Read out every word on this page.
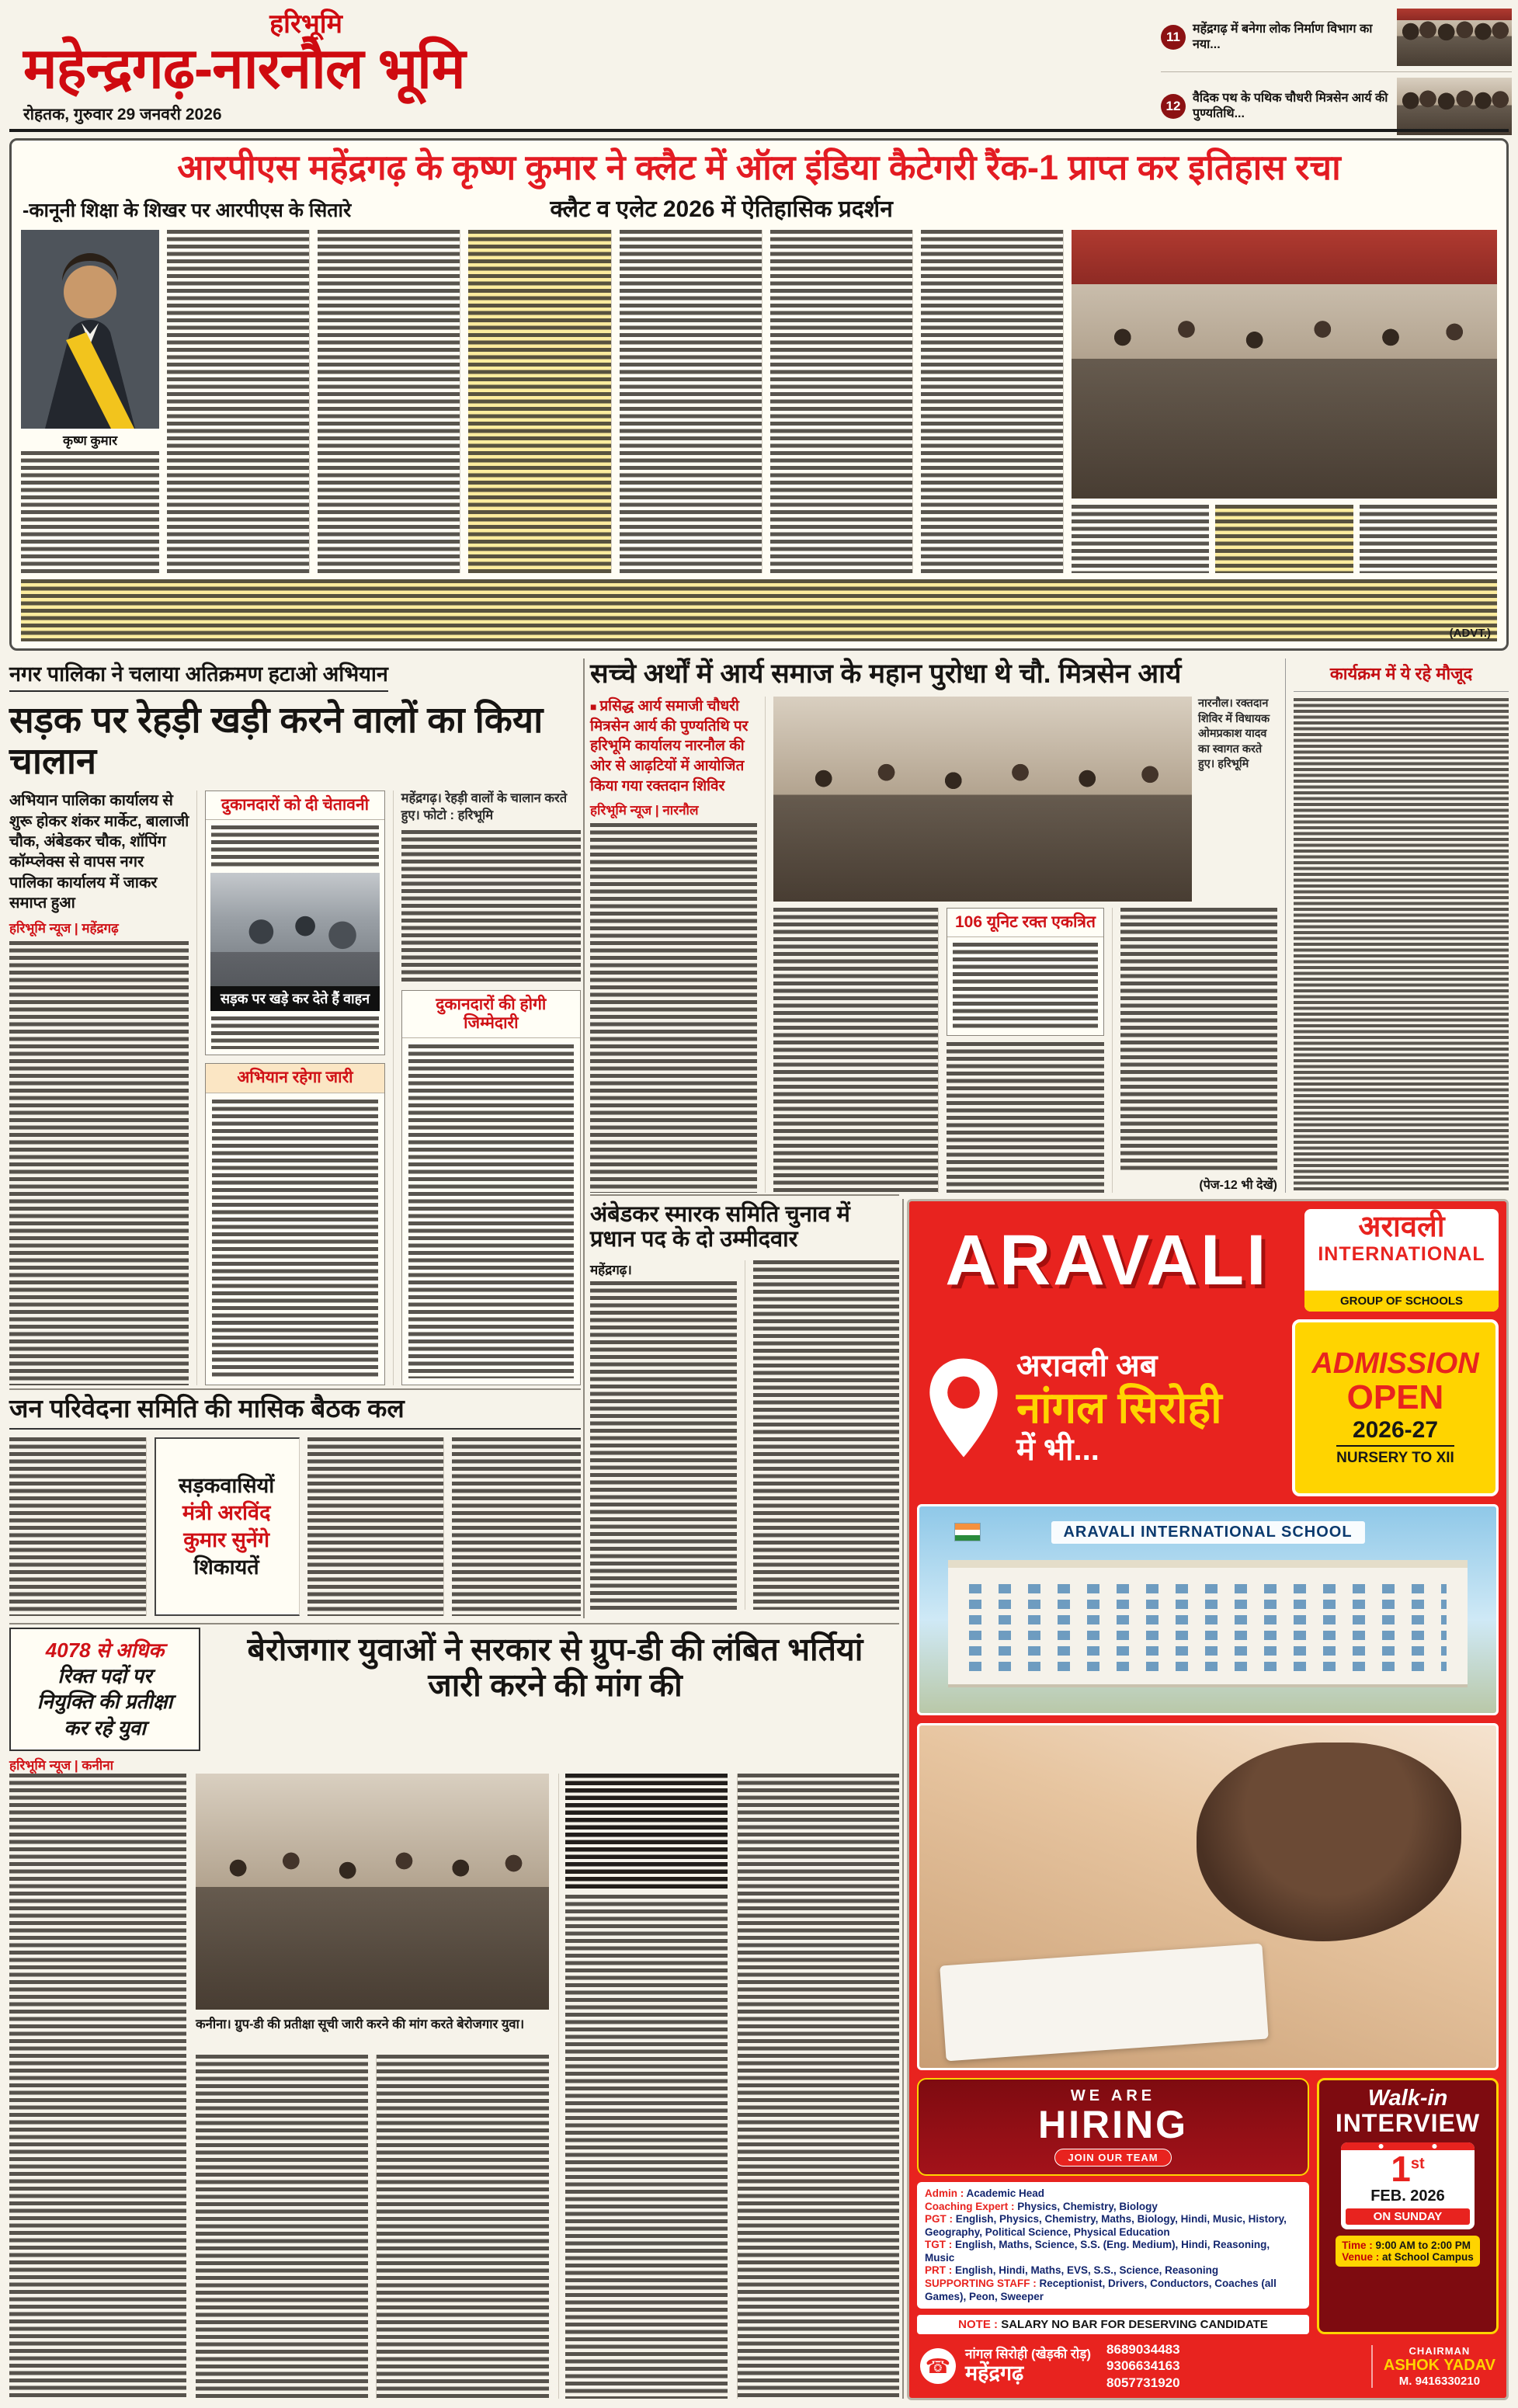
हरिभूमि
महेन्द्रगढ़-नारनौल भूमि
रोहतक, गुरुवार 29 जनवरी 2026
11
महेंद्रगढ़ में बनेगा लोक निर्माण विभाग का नया...
12
वैदिक पथ के पथिक चौधरी मित्रसेन आर्य की पुण्यतिथि...
आरपीएस महेंद्रगढ़ के कृष्ण कुमार ने क्लैट में ऑल इंडिया कैटेगरी रैंक-1 प्राप्त कर इतिहास रचा
-कानूनी शिक्षा के शिखर पर आरपीएस के सितारे	क्लैट व एलेट 2026 में ऐतिहासिक प्रदर्शन
कृष्ण कुमार
(ADVT.)
नगर पालिका ने चलाया अतिक्रमण हटाओ अभियान
सड़क पर रेहड़ी खड़ी करने वालों का किया चालान

अभियान पालिका कार्यालय से शुरू होकर शंकर मार्केट, बालाजी चौक, अंबेडकर चौक, शॉपिंग कॉम्प्लेक्स से वापस नगर पालिका कार्यालय में जाकर समाप्त हुआ

हरिभूमि न्यूज | महेंद्रगढ़
दुकानदारों को दी चेतावनी
सड़क पर खड़े कर देते हैं वाहन
अभियान रहेगा जारी

महेंद्रगढ़। रेहड़ी वालों के चालान करते हुए। फोटो : हरिभूमि

दुकानदारों की होगी जिम्मेदारी
सच्चे अर्थों में आर्य समाज के महान पुरोधा थे चौ. मित्रसेन आर्य

■ प्रसिद्ध आर्य समाजी चौधरी मित्रसेन आर्य की पुण्यतिथि पर हरिभूमि कार्यालय नारनौल की ओर से आढ़टियों में आयोजित किया गया रक्तदान शिविर

हरिभूमि न्यूज | नारनौल
नारनौल। रक्तदान शिविर में विधायक ओमप्रकाश यादव का स्वागत करते हुए। हरिभूमि
106 यूनिट रक्त एकत्रित
(पेज-12 भी देखें)
कार्यक्रम में ये रहे मौजूद
अंबेडकर स्मारक समिति चुनाव में प्रधान पद के दो उम्मीदवार
महेंद्रगढ़।
जन परिवेदना समिति की मासिक बैठक कल
सड़कवासियों
मंत्री अरविंद
कुमार सुनेंगे
शिकायतें
4078 से अधिक
रिक्त पदों पर
नियुक्ति की प्रतीक्षा
कर रहे युवा
हरिभूमि न्यूज | कनीना
बेरोजगार युवाओं ने सरकार से ग्रुप-डी की लंबित भर्तियां जारी करने की मांग की
कनीना। ग्रुप-डी की प्रतीक्षा सूची जारी करने की मांग करते बेरोजगार युवा।
ARAVALI	अरावली
INTERNATIONAL
GROUP OF SCHOOLS
अरावली अब
नांगल सिरोही
में भी...
ADMISSION
OPEN
2026-27
NURSERY TO XII
ARAVALI INTERNATIONAL SCHOOL
WE ARE
HIRING
JOIN OUR TEAM
Admin : Academic Head
Coaching Expert : Physics, Chemistry, Biology
PGT : English, Physics, Chemistry, Maths, Biology, Hindi, Music, History, Geography, Political Science, Physical Education
TGT : English, Maths, Science, S.S. (Eng. Medium), Hindi, Reasoning, Music
PRT : English, Hindi, Maths, EVS, S.S., Science, Reasoning
SUPPORTING STAFF : Receptionist, Drivers, Conductors, Coaches (all Games), Peon, Sweeper
NOTE : SALARY NO BAR FOR DESERVING CANDIDATE
Walk-in
INTERVIEW
1st
FEB. 2026
ON SUNDAY
Time : 9:00 AM to 2:00 PM
Venue : at School Campus
☎
नांगल सिरोही (खेड़की रोड़)
महेंद्रगढ़
8689034483
9306634163
8057731920
CHAIRMAN
ASHOK YADAV
M. 9416330210
